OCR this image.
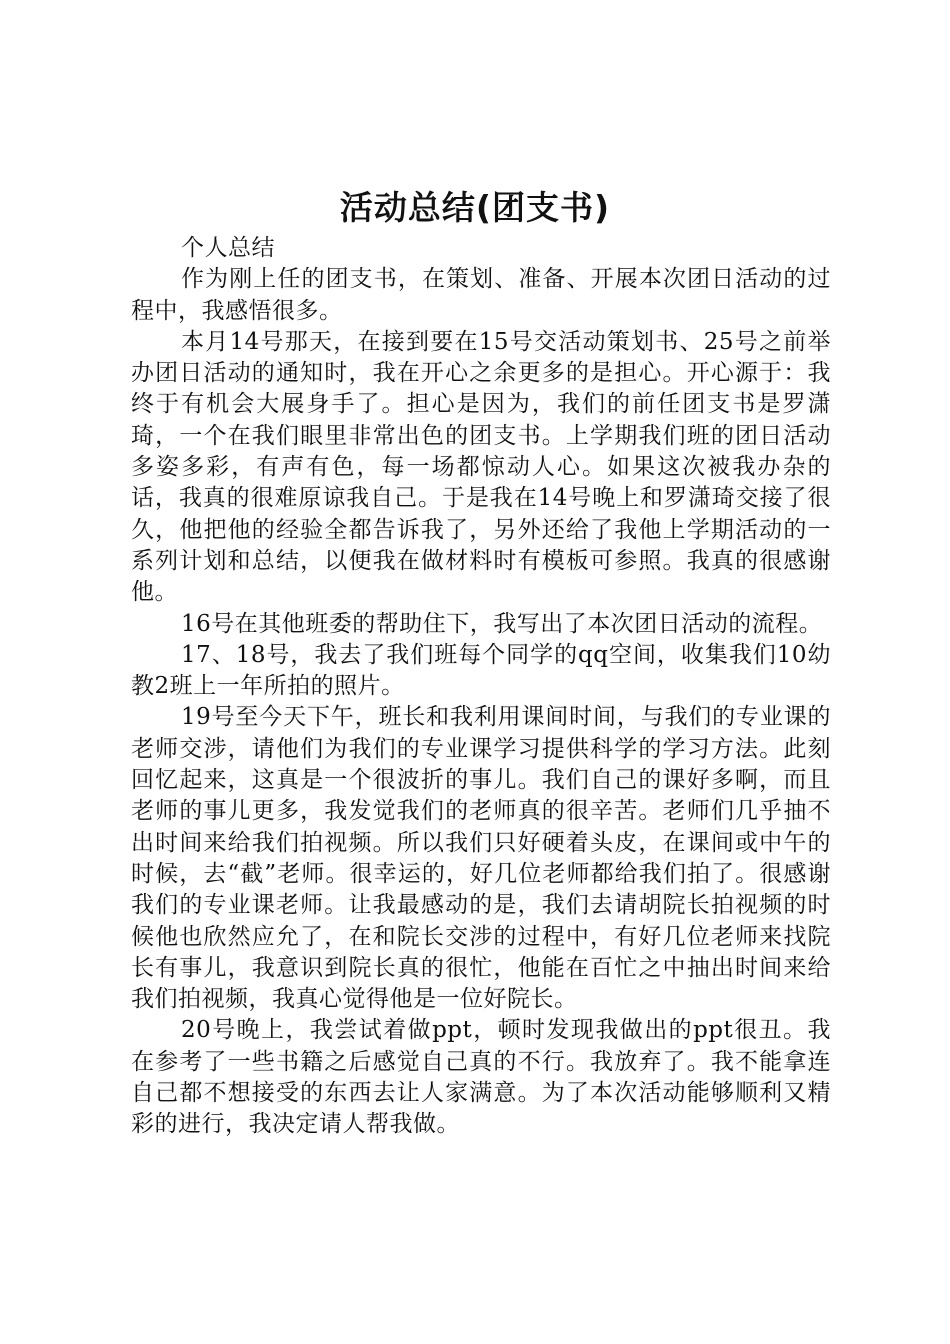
活动总结(团支书)

个人总结

作为刚上任的团支书，在策划、准备、开展本次团日活动的过程中，我感悟很多。

本月14号那天，在接到要在15号交活动策划书、25号之前举办团日活动的通知时，我在开心之余更多的是担心。开心源于：我终于有机会大展身手了。担心是因为，我们的前任团支书是罗潇琦，一个在我们眼里非常出色的团支书。上学期我们班的团日活动多姿多彩，有声有色，每一场都惊动人心。如果这次被我办杂的话，我真的很难原谅我自己。于是我在14号晚上和罗潇琦交接了很久，他把他的经验全都告诉我了，另外还给了我他上学期活动的一系列计划和总结，以便我在做材料时有模板可参照。我真的很感谢他。

16号在其他班委的帮助住下，我写出了本次团日活动的流程。

17、18号，我去了我们班每个同学的qq空间，收集我们10幼教2班上一年所拍的照片。

19号至今天下午，班长和我利用课间时间，与我们的专业课的老师交涉，请他们为我们的专业课学习提供科学的学习方法。此刻回忆起来，这真是一个很波折的事儿。我们自己的课好多啊，而且老师的事儿更多，我发觉我们的老师真的很辛苦。老师们几乎抽不出时间来给我们拍视频。所以我们只好硬着头皮，在课间或中午的时候，去“截”老师。很幸运的，好几位老师都给我们拍了。很感谢我们的专业课老师。让我最感动的是，我们去请胡院长拍视频的时候他也欣然应允了，在和院长交涉的过程中，有好几位老师来找院长有事儿，我意识到院长真的很忙，他能在百忙之中抽出时间来给我们拍视频，我真心觉得他是一位好院长。

20号晚上，我尝试着做ppt，顿时发现我做出的ppt很丑。我在参考了一些书籍之后感觉自己真的不行。我放弃了。我不能拿连自己都不想接受的东西去让人家满意。为了本次活动能够顺利又精彩的进行，我决定请人帮我做。
